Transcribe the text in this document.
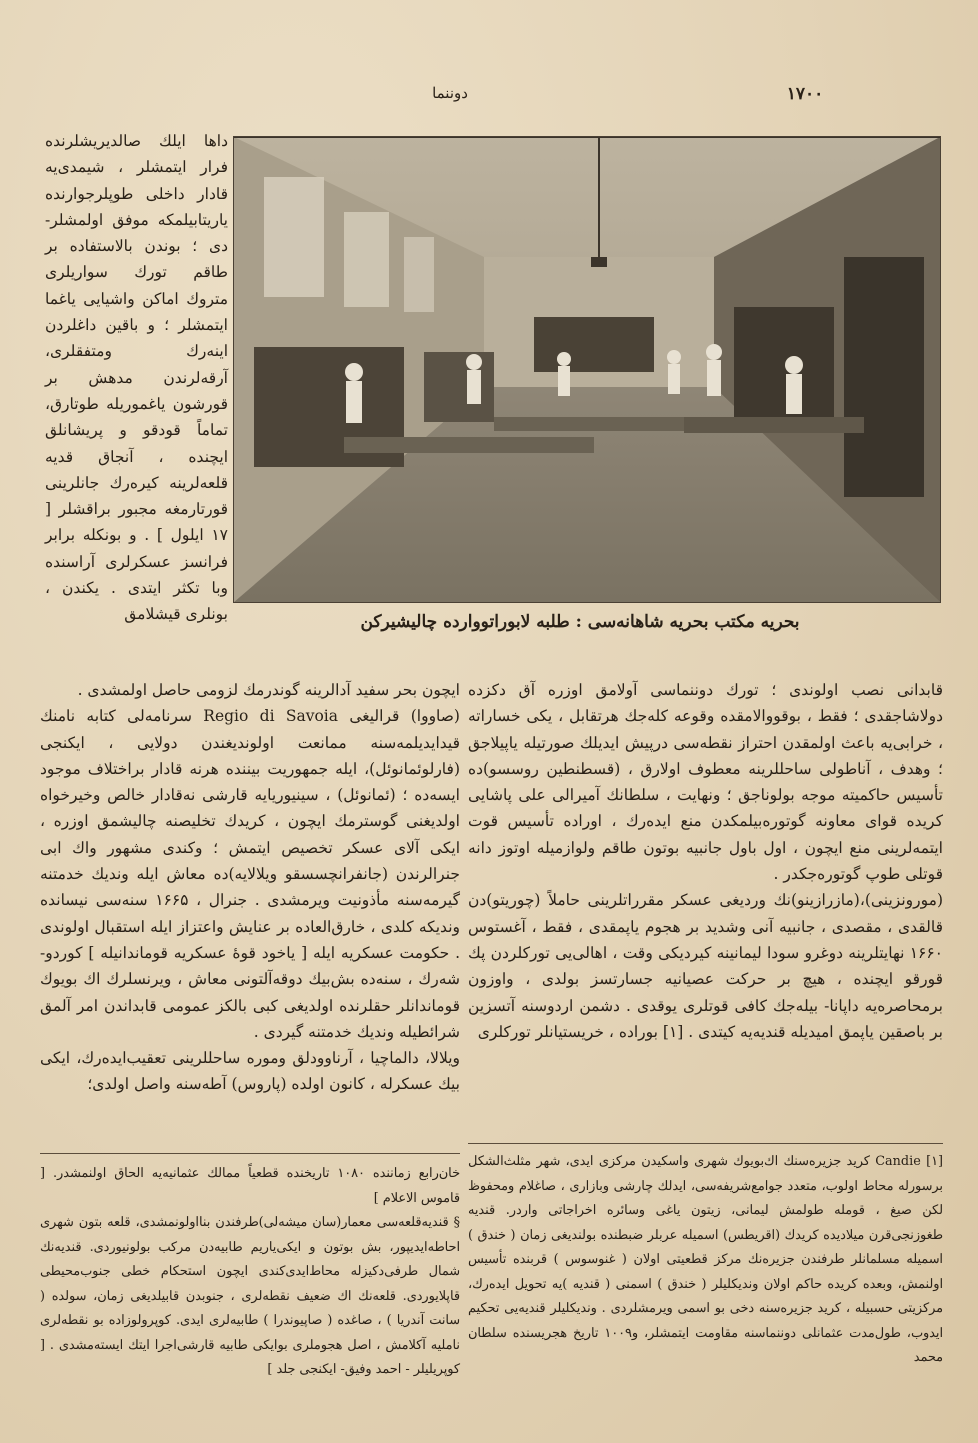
دوننما	١٧٠٠
بحريه مكتب بحريه شاهانه‌سی : طلبه لابوراتووارده چالیشیرکن
داها ایلك صالدیریشلرنده فرار ایتمشلر ، شیمدی‌یه قادار داخلی طوپلرجوارنده یاریتابیلمکه موفق اولمشلر- دی ؛ بوندن بالاستفاده بر طاقم تورك سواریلری متروك اماكن واشیایی یاغما ایتمشلر ؛ و باقین داغلردن اینه‌رك ومتفقلری، آرقه‌لرندن مدهش بر قورشون یاغموریله طوتارق، تماماً قودقو و پریشانلق ایچنده ، آنجاق قدیه قلعه‌لرینه کیره‌رك جانلرینی قورتارمغه مجبور براقشلر [ ۱۷ ایلول ] . و بونکله برابر فرانسز عسکرلری آراسنده وبا تکثر ایتدی . یکندن ، بونلری قیشلامق

قابدانی نصب اولوندی ؛ تورك دوننماسی آولامق اوزره آق دکزده دولاشاجقدی ؛ فقط ، بوقووالامقده وقوعه کله‌جك هرتقابل ، یکی خساراته ، خرابی‌یه باعث اولمقدن احتراز نقطه‌سی درپیش ایدیلك صورتیله یاپیلاجق ؛ وهدف ، آناطولی ساحللرینه معطوف اولارق ، (قسطنطین روسسو)ده تأسیس حاکمیته موجه بولوناجق ؛ ونهایت ، سلطانك آمیرالی علی پاشایی کریده قوای معاونه گوتوره‌بیلمکدن منع ایده‌رك ، اوراده تأسیس قوت ایتمه‌لرینی منع ایچون ، اول باول جانبیه بوتون طاقم ولوازمیله اوتوز دانه قوتلی طوپ گوتوره‌جکدر .

(مورونزینی)،(مازرازینو)نك وردیغی عسکر مقرراتلرینی حاملاً (چوریتو)دن قالقدی ، مقصدی ، جانبیه آنی وشدید بر هجوم یاپمقدی ، فقط ، آغستوس ۱۶۶۰ نهایتلرینه دوغرو سودا لیمانینه کیردیکی وقت ، اهالی‌یی تورکلردن پك قورقو ایچنده ، هیچ بر حرکت عصیانیه جسارتسز بولدی ، واوزون برمحاصره‌یه داپانا- بیله‌جك کافی قوتلری یوقدی . دشمن اردوسنه آتسزین بر باصقین یاپمق امیدیله قندیه‌یه کیتدی . [۱] بوراده ، خریستیانلر تورکلری

ایچون بحر سفید آدالرینه گوندرمك لزومی حاصل اولمشدی .

(صاووا) قرالیغی Regio di Savoia سرنامه‌لی کتابه نامنك قیدایدیلمه‌سنه ممانعت اولوندیغندن دولایی ، ایکنجی (فارلوئمانوئل)، ایله جمهوریت بیننده هرنه قادار براختلاف موجود ایسه‌ده ؛ (ئمانوئل) ، سینیوریایه قارشی نه‌قادار خالص وخیرخواه اولدیغنی گوسترمك ایچون ، کریدك تخلیصنه چالیشمق اوزره ، ایکی آلای عسکر تخصیص ایتمش ؛ وکندی مشهور واك ابی جنرالرندن (جانفرانچسسقو ویلالایه)ده معاش ایله وندیك خدمتنه گیرمه‌سنه مأذونیت ویرمشدی . جنرال ، ۱۶۶۵ سنه‌سی نیسانده وندیکه کلدی ، خارق‌العاده بر عنایش واعتزاز ایله استقبال اولوندی . حکومت عسکریه ایله [ یاخود قوهٔ عسکریه قوماندانیله ] کوردو- شه‌رك ، سنه‌ده بش‌بیك دوقه‌آلتونی معاش ، ویرنسلرك اك بویوك قوماندانلر حقلرنده اولدیغی کبی بالکز عمومی قابداندن امر آلمق شرائطیله وندیك خدمتنه گیردی .

ویلالا، دالماچیا ، آرناوودلق وموره ساحللرینی تعقیب‌ایده‌رك، ایکی بیك عسکرله ، کانون اولده (پاروس) آطه‌سنه واصل اولدی؛

خان‌رابع زماننده ۱۰۸۰ تاریخنده قطعیاً ممالك عثمانیه‌یه الحاق اولنمشدر. [ قاموس الاعلام ]

§ قندیه‌قلعه‌سی معمار(سان میشه‌لی)طرفندن بنااولونمشدی، قلعه بتون شهری احاطه‌ایدیپور، بش بوتون و ایکی‌یاریم طابیه‌دن مرکب بولونیوردی. قندیه‌نك شمال طرفی‌دکیزله محاط‌ایدی‌کندی ایچون استحکام خطی جنوب‌محیطی قاپلایوردی. قلعه‌نك اك ضعیف نقطه‌لری ، جنوبدن قابیلدیغی زمان، سولده ( سانت آندریا ) ، صاغده ( صاپیوندرا ) طابیه‌لری ایدی. کوپرولوزاده بو نقطه‌لری ناملیه آکلامش ، اصل هجوملری بوایکی طابیه قارشی‌اجرا ایتك ایسته‌مشدی . [ کوپریلیلر - احمد وفیق- ایکنجی جلد ]

[۱] Candie کرید جزیره‌سنك اك‌بویوك شهری واسکیدن مرکزی ایدی، شهر مثلث‌الشکل برسورله محاط اولوب، متعدد جوامع‌شریفه‌سی، ایدلك چارشی وبازاری ، صاغلام ومحفوظ لکن صیغ ، قومله طولمش لیمانی، زیتون یاغی وسائره اخراجاتی واردر. قندیه طغوزنجی‌قرن میلادیده کریدك (اقریطس) اسمیله عربلر ضبطنده بولندیغی زمان ( خندق ) اسمیله مسلمانلر طرفندن جزیره‌نك مرکز قطعیتی اولان ( غنوسوس ) قربنده تأسیس اولنمش، وبعده کریده حاکم اولان وندیکلیلر ( خندق ) اسمنی ( قندیه )یه تحویل ایده‌رك، مرکزیتی حسبیله ، کرید جزیره‌سنه دخی بو اسمی ویرمشلردی . وندیکلیلر قندیه‌یی تحکیم ایدوب، طول‌مدت عثمانلی دوننماسنه مقاومت ایتمشلر، و۱۰۰۹ تاریخ هجریسنده سلطان محمد
